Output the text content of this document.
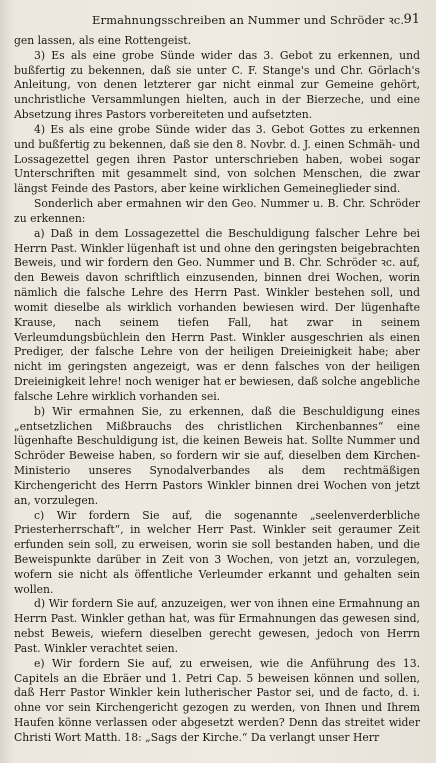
Ermahnungsschreiben an Nummer und Schröder ꝛc. 91

gen lassen, als eine Rottengeist.

3) Es als eine grobe Sünde wider das 3. Gebot zu erkennen, und bußfertig zu bekennen, daß sie unter C. F. Stange's und Chr. Görlach's Anleitung, von denen letzterer gar nicht einmal zur Gemeine gehört, unchristliche Versammlungen hielten, auch in der Bierzeche, und eine Absetzung ihres Pastors vorbereiteten und aufsetzten.

4) Es als eine grobe Sünde wider das 3. Gebot Gottes zu erkennen und bußfertig zu bekennen, daß sie den 8. Novbr. d. J. einen Schmäh- und Lossagezettel gegen ihren Pastor unterschrieben haben, wobei sogar Unterschriften mit gesammelt sind, von solchen Menschen, die zwar längst Feinde des Pastors, aber keine wirklichen Gemeineglieder sind.

Sonderlich aber ermahnen wir den Geo. Nummer u. B. Chr. Schröder zu erkennen:

a) Daß in dem Lossagezettel die Beschuldigung falscher Lehre bei Herrn Past. Winkler lügenhaft ist und ohne den geringsten beigebrachten Beweis, und wir fordern den Geo. Nummer und B. Chr. Schröder ꝛc. auf, den Beweis davon schriftlich einzusenden, binnen drei Wochen, worin nämlich die falsche Lehre des Herrn Past. Winkler bestehen soll, und womit dieselbe als wirklich vorhanden bewiesen wird. Der lügenhafte Krause, nach seinem tiefen Fall, hat zwar in seinem Verleumdungsbüchlein den Herrn Past. Winkler ausgeschrien als einen Prediger, der falsche Lehre von der heiligen Dreieinigkeit habe; aber nicht im geringsten angezeigt, was er denn falsches von der heiligen Dreieinigkeit lehre! noch weniger hat er bewiesen, daß solche angebliche falsche Lehre wirklich vorhanden sei.

b) Wir ermahnen Sie, zu erkennen, daß die Beschuldigung eines „entsetzlichen Mißbrauchs des christlichen Kirchenbannes“ eine lügenhafte Beschuldigung ist, die keinen Beweis hat. Sollte Nummer und Schröder Beweise haben, so fordern wir sie auf, dieselben dem Kirchen-Ministerio unseres Synodalverbandes als dem rechtmäßigen Kirchengericht des Herrn Pastors Winkler binnen drei Wochen von jetzt an, vorzulegen.

c) Wir fordern Sie auf, die sogenannte „seelenverderbliche Priesterherrschaft“, in welcher Herr Past. Winkler seit geraumer Zeit erfunden sein soll, zu erweisen, worin sie soll bestanden haben, und die Beweispunkte darüber in Zeit von 3 Wochen, von jetzt an, vorzulegen, wofern sie nicht als öffentliche Verleumder erkannt und gehalten sein wollen.

d) Wir fordern Sie auf, anzuzeigen, wer von ihnen eine Ermahnung an Herrn Past. Winkler gethan hat, was für Ermahnungen das gewesen sind, nebst Beweis, wiefern dieselben gerecht gewesen, jedoch von Herrn Past. Winkler verachtet seien.

e) Wir fordern Sie auf, zu erweisen, wie die Anführung des 13. Capitels an die Ebräer und 1. Petri Cap. 5 beweisen können und sollen, daß Herr Pastor Winkler kein lutherischer Pastor sei, und de facto, d. i. ohne vor sein Kirchengericht gezogen zu werden, von Ihnen und Ihrem Haufen könne verlassen oder abgesetzt werden? Denn das streitet wider Christi Wort Matth. 18: „Sags der Kirche.“ Da verlangt unser Herr
